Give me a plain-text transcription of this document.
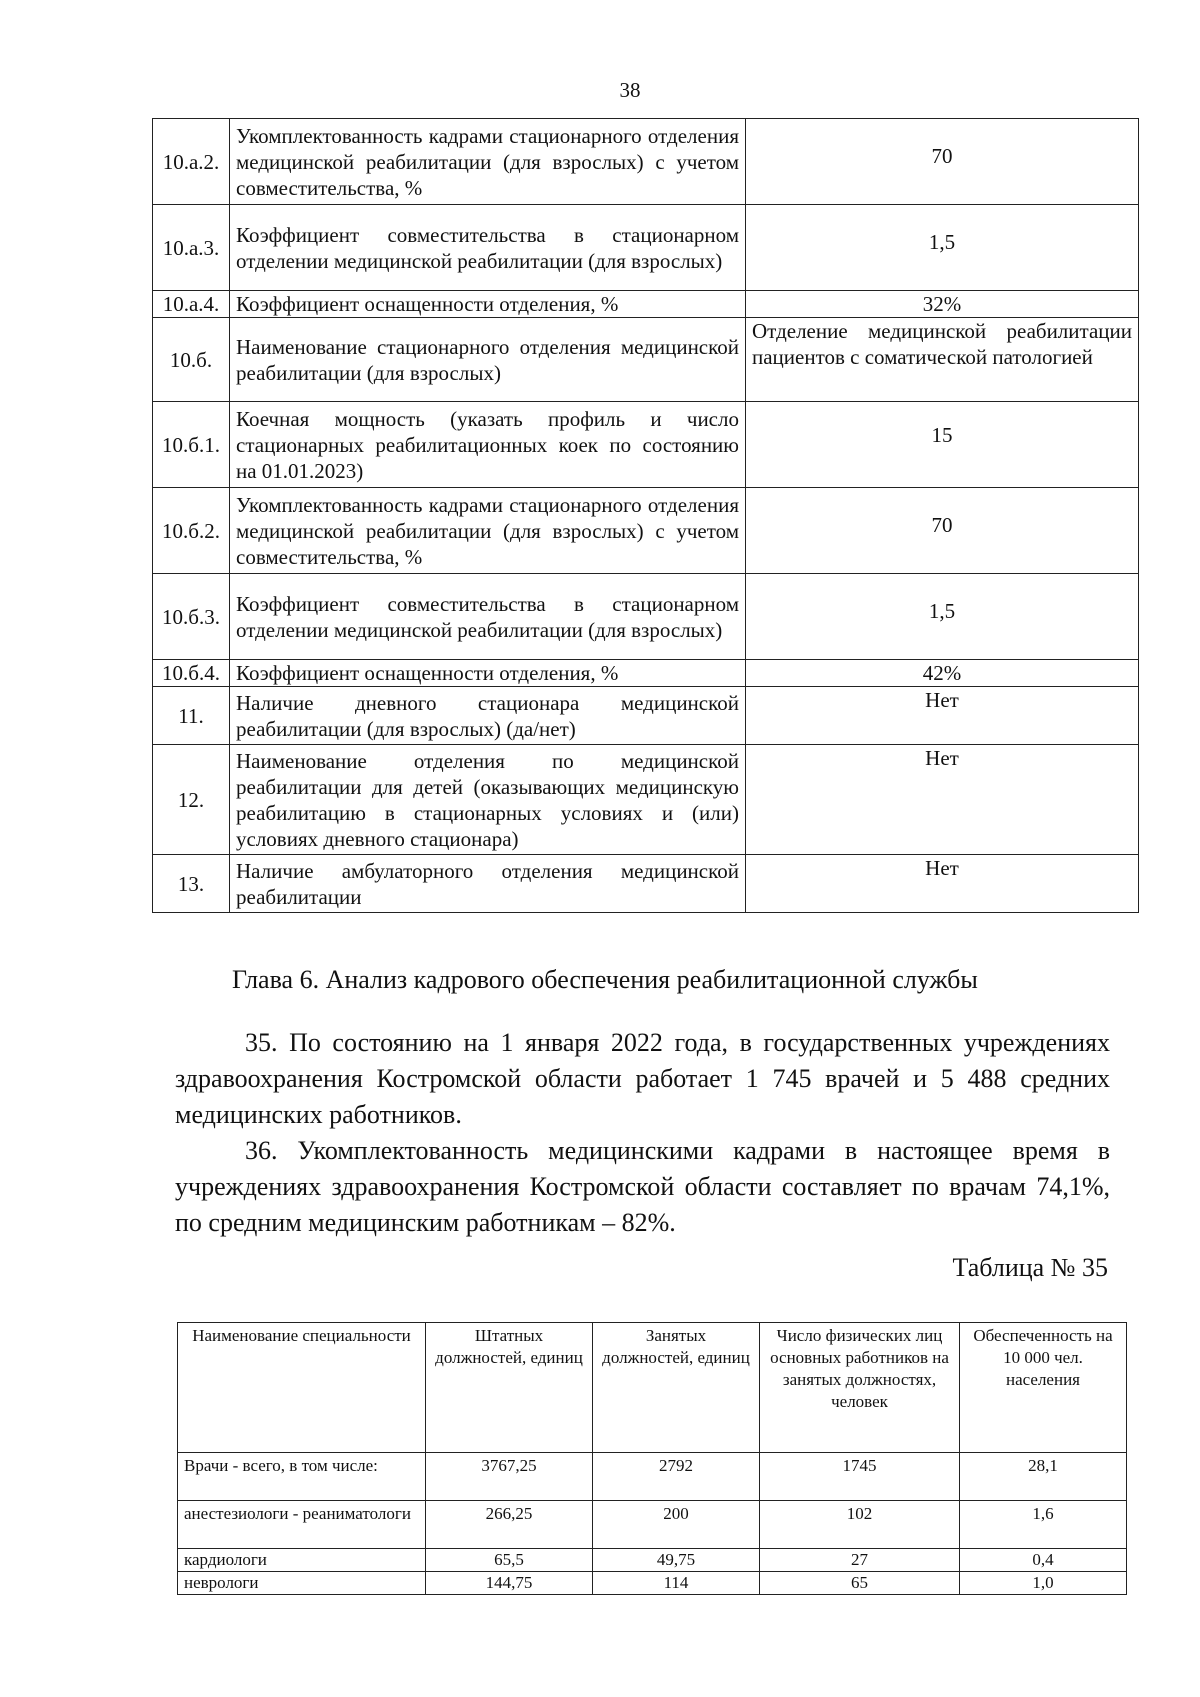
38
10.а.2.	Укомплектованность кадрами стационарного отделения медицинской реабилитации (для взрослых) с учетом совместительства, %	70
10.а.3.	Коэффициент совместительства в стационарном отделении медицинской реабилитации (для взрослых)	1,5
10.а.4.	Коэффициент оснащенности отделения, %	32%
10.б.	Наименование стационарного отделения медицинской реабилитации (для взрослых)	Отделение медицинской реабилитации пациентов с соматической патологией
10.б.1.	Коечная мощность (указать профиль и число стационарных реабилитационных коек по состоянию на 01.01.2023)	15
10.б.2.	Укомплектованность кадрами стационарного отделения медицинской реабилитации (для взрослых) с учетом совместительства, %	70
10.б.3.	Коэффициент совместительства в стационарном отделении медицинской реабилитации (для взрослых)	1,5
10.б.4.	Коэффициент оснащенности отделения, %	42%
11.	Наличие дневного стационара медицинской реабилитации (для взрослых) (да/нет)	Нет
12.	Наименование отделения по медицинской реабилитации для детей (оказывающих медицинскую реабилитацию в стационарных условиях и (или) условиях дневного стационара)	Нет
13.	Наличие амбулаторного отделения медицинской реабилитации	Нет
Глава 6. Анализ кадрового обеспечения реабилитационной службы

35. По состоянию на 1 января 2022 года, в государственных учреждениях здравоохранения Костромской области работает 1 745 врачей и 5 488 средних медицинских работников.

36. Укомплектованность медицинскими кадрами в настоящее время в учреждениях здравоохранения Костромской области составляет по врачам 74,1%, по средним медицинским работникам – 82%.

Таблица № 35
Наименование специальности	Штатных должностей, единиц	Занятых должностей, единиц	Число физических лиц основных работников на занятых должностях, человек	Обеспеченность на 10 000 чел. населения
Врачи - всего, в том числе:	3767,25	2792	1745	28,1
анестезиологи - реаниматологи	266,25	200	102	1,6
кардиологи	65,5	49,75	27	0,4
неврологи	144,75	114	65	1,0
